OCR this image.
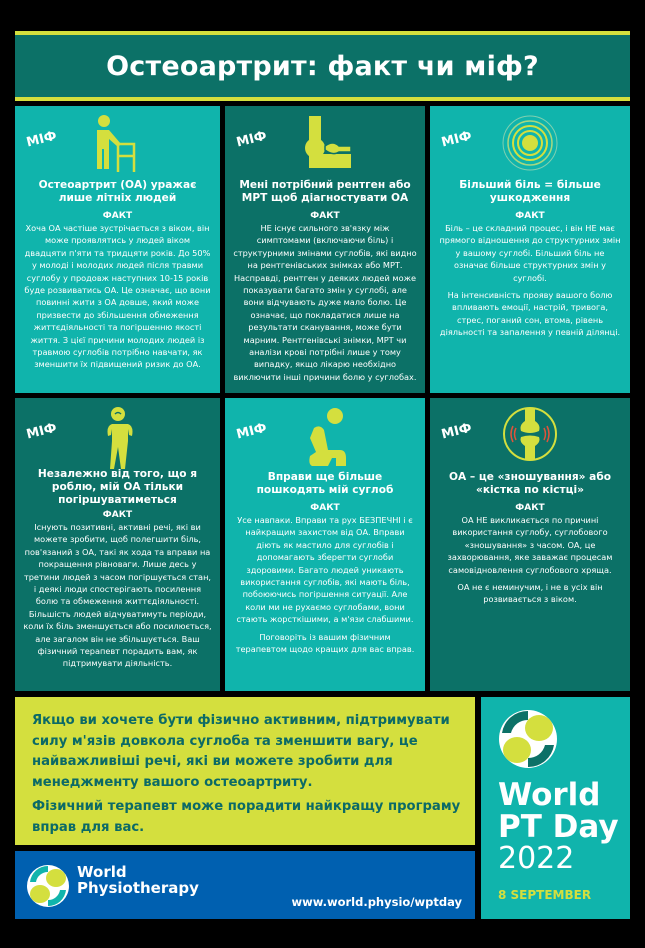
Остеоартрит: факт чи міф?
МІФ
Остеоартрит (ОА) уражає лише літніх людей
ФАКТ

Хоча ОА частіше зустрічається з віком, він може проявлятись у людей віком двадцяти п'яти та тридцяти років. До 50% у молоді і молодих людей після травми суглобу у продовж наступних 10-15 років буде розвиватись ОА. Це означає, що вони повинні жити з ОА довше, який може призвести до збільшення обмеження життєдіяльності та погіршенню якості життя. З цієї причини молодих людей із травмою суглобів потрібно навчати, як зменшити їх підвищений ризик до ОА.

МІФ
Мені потрібний рентген або МРТ щоб діагностувати ОА
ФАКТ

НЕ існує сильного зв'язку між симптомами (включаючи біль) і структурними змінами суглобів, які видно на рентгенівських знімках або МРТ. Насправді, рентген у деяких людей може показувати багато змін у суглобі, але вони відчувають дуже мало болю. Це означає, що покладатися лише на результати сканування, може бути марним. Рентгенівські знімки, МРТ чи аналізи крові потрібні лише у тому випадку, якщо лікарю необхідно виключити інші причини болю у суглобах.

МІФ
Більший біль = більше ушкодження
ФАКТ

Біль – це складний процес, і він НЕ має прямого відношення до структурних змін у вашому суглобі. Більший біль не означає більше структурних змін у суглобі.

На інтенсивність прояву вашого болю впливають емоції, настрій, тривога, стрес, поганий сон, втома, рівень діяльності та запалення у певній ділянці.

МІФ
Незалежно від того, що я роблю, мій ОА тільки погіршуватиметься
ФАКТ

Існують позитивні, активні речі, які ви можете зробити, щоб полегшити біль, пов'язаний з ОА, такі як хода та вправи на покращення рівноваги. Лише десь у третини людей з часом погіршується стан, і деякі люди спостерігають посилення болю та обмеження життєдіяльності. Більшість людей відчуватимуть періоди, коли їх біль зменшується або посилюється, але загалом він не збільшується. Ваш фізичний терапевт порадить вам, як підтримувати діяльність.

МІФ
Вправи ще більше пошкодять мій суглоб
ФАКТ

Усе навпаки. Вправи та рух БЕЗПЕЧНІ і є найкращим захистом від ОА. Вправи діють як мастило для суглобів і допомагають зберегти суглоби здоровими. Багато людей уникають використання суглобів, які мають біль, побоюючись погіршення ситуації. Але коли ми не рухаємо суглобами, вони стають жорсткішими, а м'язи слабшими.

Поговоріть із вашим фізичним терапевтом щодо кращих для вас вправ.

МІФ
ОА – це «зношування» або «кістка по кістці»
ФАКТ

ОА НЕ викликається по причині використання суглобу, суглобового «зношування» з часом. ОА, це захворювання, яке заважає процесам самовідновлення суглобового хряща.

ОА не є неминучим, і не в усіх він розвивається з віком.

Якщо ви хочете бути фізично активним, підтримувати силу м'язів довкола суглоба та зменшити вагу, це найважливіші речі, які ви можете зробити для менеджменту вашого остеоартриту.

Фізичний терапевт може порадити найкращу програму вправ для вас.

World
Physiotherapy
www.world.physio/wptday
World
PT Day
2022
8 SEPTEMBER
